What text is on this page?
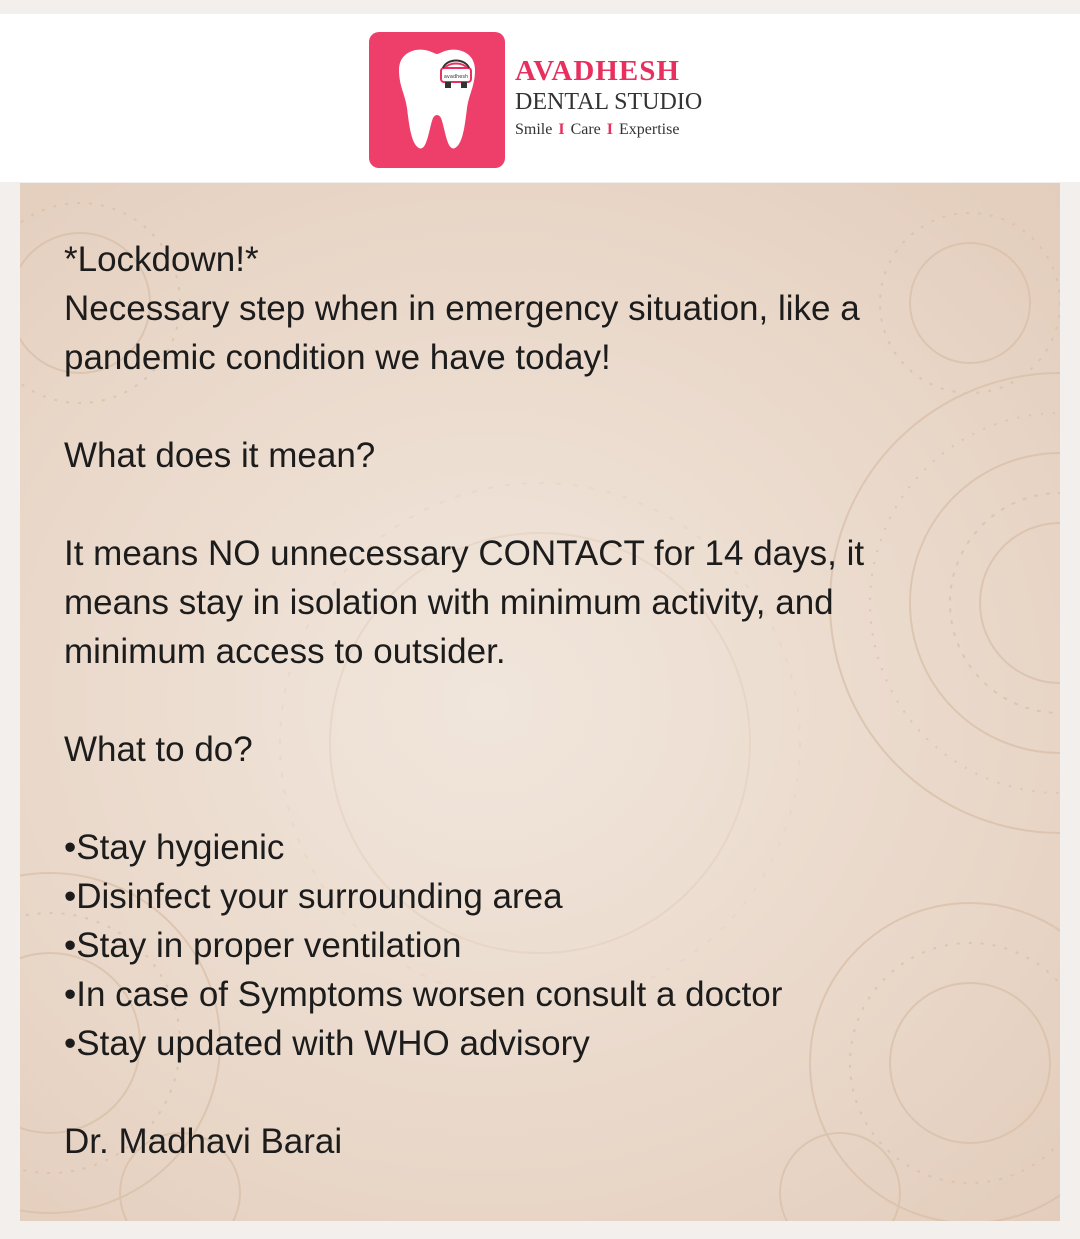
avadhesh AVADHESH
DENTAL STUDIO
Smile I Care I Expertise

*Lockdown!*

Necessary step when in emergency situation, like a

pandemic condition we have today!

What does it mean?

It means NO unnecessary CONTACT for 14 days, it

means stay in isolation with minimum activity, and

minimum access to outsider.

What to do?

•Stay hygienic

•Disinfect your surrounding area

•Stay in proper ventilation

•In case of Symptoms worsen consult a doctor

•Stay updated with WHO advisory

Dr. Madhavi Barai
